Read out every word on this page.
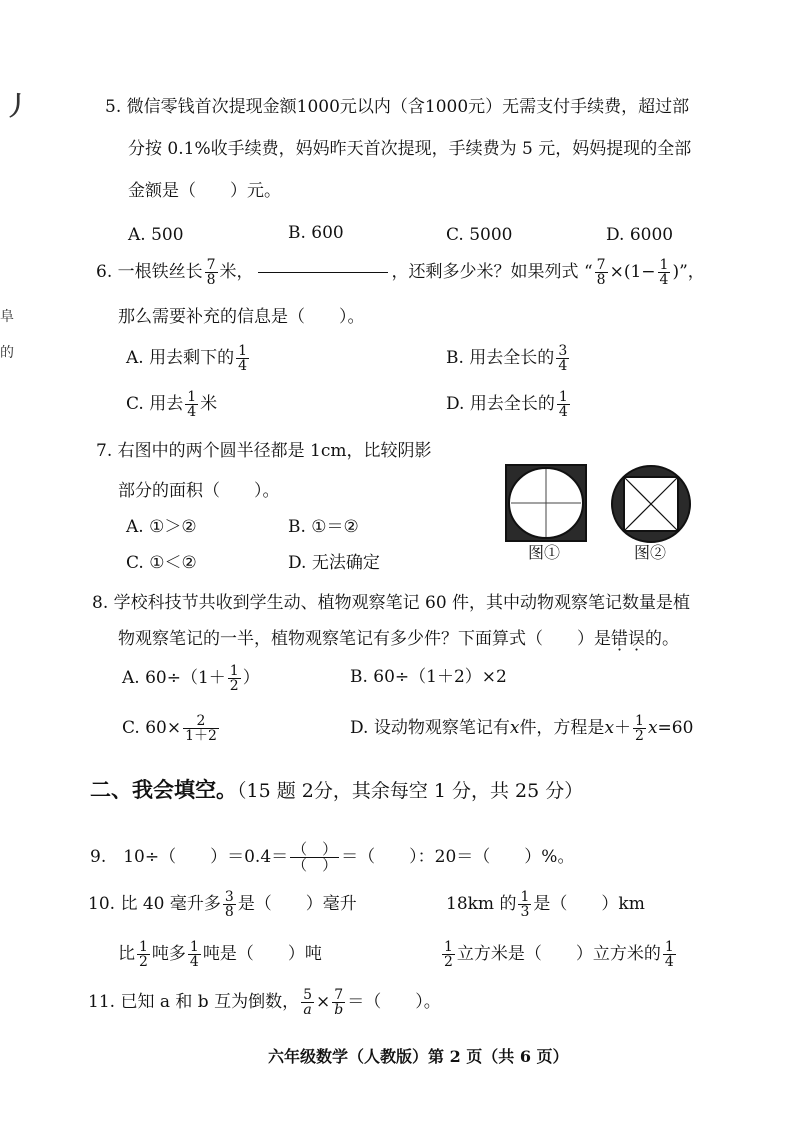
丿
阜
的
5. 微信零钱首次提现金额1000元以内（含1000元）无需支付手续费，超过部
分按 0.1%收手续费，妈妈昨天首次提现，手续费为 5 元，妈妈提现的全部
金额是（　　）元。
A. 500	B. 600	C. 5000	D. 6000
6. 一根铁丝长 $\frac{7}{8}$ 米，	，还剩多少米？如果列式 “ $\frac{7}{8} \times(1- \frac{1}{4}$ )”，
那么需要补充的信息是（　　）。
A. 用去剩下的 $\frac{1}{4}$	B. 用去全长的 $\frac{3}{4}$
C. 用去 $\frac{1}{4}$ 米	D. 用去全长的 $\frac{1}{4}$
7. 右图中的两个圆半径都是 1cm，比较阴影
部分的面积（　　）。
A. ①＞②	B. ①＝②
C. ①＜②	D. 无法确定
图①	图②
8. 学校科技节共收到学生动、植物观察笔记 60 件，其中动物观察笔记数量是植
物观察笔记的一半，植物观察笔记有多少件？下面算式（　　）是错误的。
A. $60\div(1+ \frac{1}{2}$ ）	B. 60÷（1＋2）×2
C. $60\times \frac{2}{1+2}$	D. 设动物观察笔记有x件，方程是$x+ \frac{1}{2} x=60$
二、我会填空。（15 题 2分，其余每空 1 分，共 25 分）
9.　10÷（　　）$=0.4= \frac{( )}{( )}$ ＝（　　）：20＝（　　）%。
10. 比 40 毫升多 $\frac{3}{8}$ 是（　　）毫升	18km 的 $\frac{1}{3}$ 是（　　）km
比 $\frac{1}{2}$ 吨多 $\frac{1}{4}$ 吨是（　　）吨	$\frac{1}{2}$ 立方米是（　　）立方米的 $\frac{1}{4}$
11. 已知 a 和 b 互为倒数， $\frac{5}{a} \times \frac{7}{b}$ ＝（　　）。
六年级数学（人教版）第 2 页（共 6 页）
